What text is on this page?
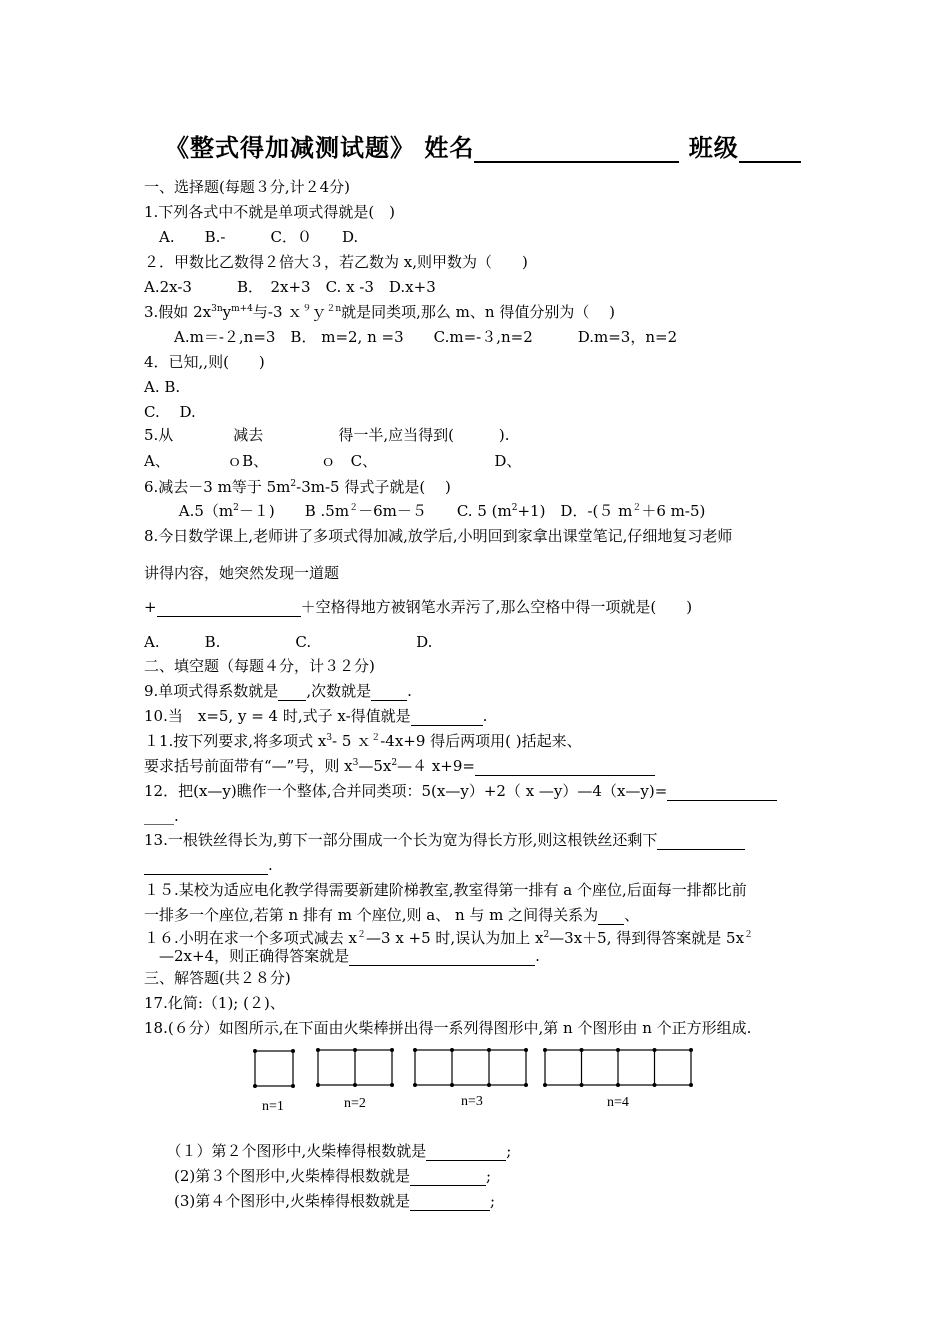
《整式得加减测试题》 姓名	班级
一、选择题(每题３分,计２4分)
1.下列各式中不就是单项式得就是(　)
　A.　　B.-　　　C．０　　D.
２．甲数比乙数得２倍大３，若乙数为 x,则甲数为（　　)
A.2x-3　　　B．　2x+3　C. x -3　D.x+3
3.假如 $2x^{3n}y^{m+4}$与-3 ｘ$^9$ｙ$^{2n}$就是同类项,那么 m、n 得值分别为（　 )
　　A.m＝-２,n=3　B． m=2, n =3　　C.m=-３,n=2　　　D.m=3，n=2
4．已知,,则(　　)
A. B.
C.　 D.
5.从　　　　减去　　　　　得一半,应当得到(　　　).
A、　　　　 ｏB、　　　　ｏ　C、　　　　　　　　 D、
6.减去－3 m等于 $5m^2-3m-5$ 得式子就是(　 )
　　 $A.5(m^2-1)$　　B $.5m^2-6m-5$　　C. 5 $(m^2+1)$　D．-(５ $m^2+6$ m-5)
8.今日数学课上,老师讲了多项式得加减,放学后,小明回到家拿出课堂笔记,仔细地复习老师
讲得内容，她突然发现一道题
+	＋空格得地方被钢笔水弄污了,那么空格中得一项就是(　　)
A.　　　B.　　　　　C.　　　　　　　D.
二、填空题（每题４分，计３２分)
9.单项式得系数就是 ,次数就是 .
10.当　x=5, y = 4 时,式子 x-得值就是	.
１1.按下列要求,将多项式 $x^3-$ 5 ｘ$^2$-4x+9 得后两项用( )括起来、
要求括号前面带有“—”号，则 $x^3—5x^2—4$ x+9=
12．把(x—y)瞧作一个整体,合并同类项：5(x—y）+2（ x —y）—4（x—y)=
____.
13.一根铁丝得长为,剪下一部分围成一个长为宽为得长方形,则这根铁丝还剩下
.
１５.某校为适应电化教学得需要新建阶梯教室,教室得第一排有 a 个座位,后面每一排都比前
一排多一个座位,若第 n 排有 m 个座位,则 a、 n 与 m 之间得关系为 、
１６.小明在求一个多项式减去 $x^2—3$ x +5 时,误认为加上 $x^2—3x+5$, 得到得答案就是 $5x^2$
　—2x+4，则正确得答案就是	.
三、解答题(共２８分)
17.化简:（1); (２)、
18.(６分）如图所示,在下面由火柴棒拼出得一系列得图形中,第 n 个图形由 n 个正方形组成.
n=1	n=2	n=3	n=4
　　（１）第２个图形中,火柴棒得根数就是	;
　　(2)第３个图形中,火柴棒得根数就是	;
　　(3)第４个图形中,火柴棒得根数就是	;
